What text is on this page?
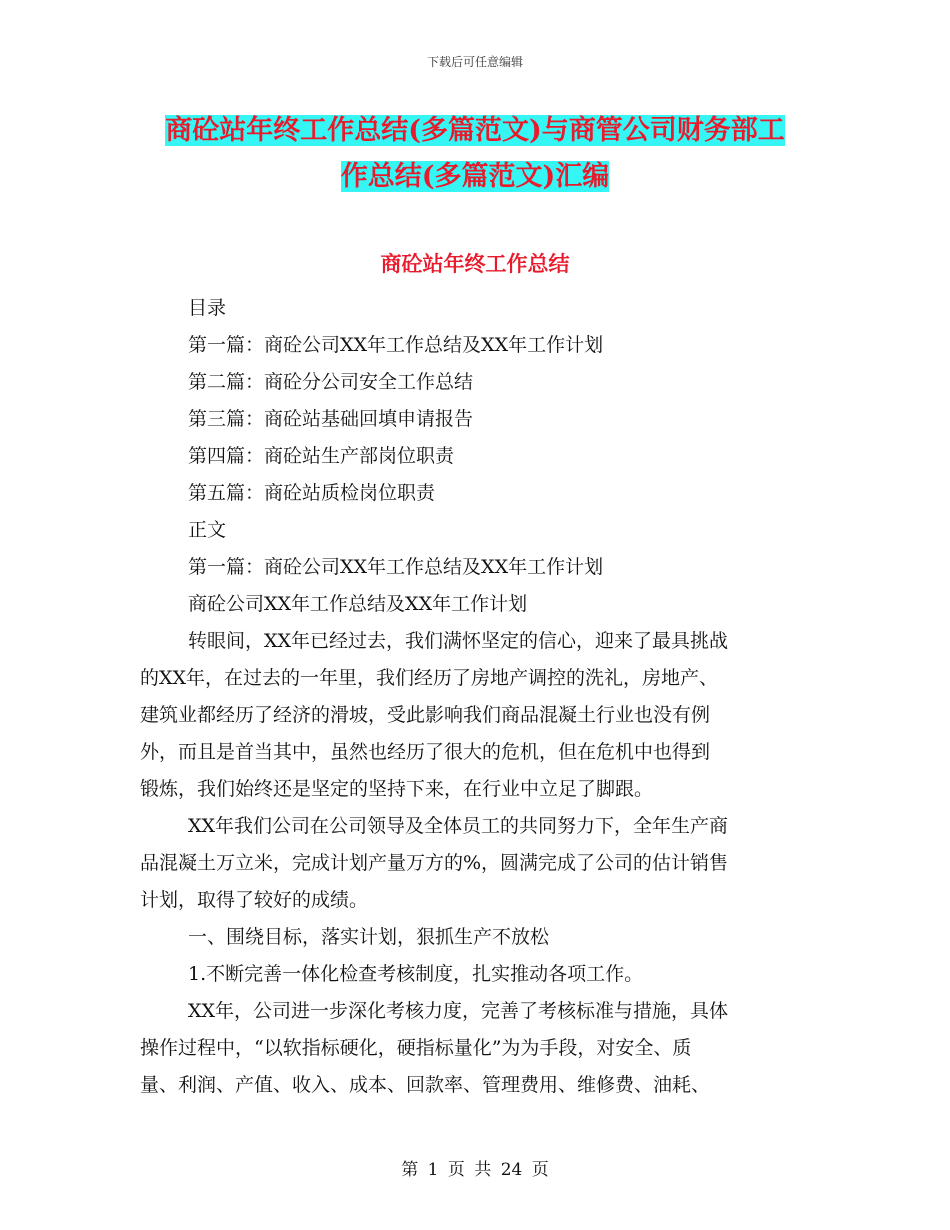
下载后可任意编辑
商砼站年终工作总结(多篇范文)与商管公司财务部工
作总结(多篇范文)汇编
商砼站年终工作总结
目录
第一篇：商砼公司XX年工作总结及XX年工作计划
第二篇：商砼分公司安全工作总结
第三篇：商砼站基础回填申请报告
第四篇：商砼站生产部岗位职责
第五篇：商砼站质检岗位职责
正文
第一篇：商砼公司XX年工作总结及XX年工作计划
商砼公司XX年工作总结及XX年工作计划
转眼间，XX年已经过去，我们满怀坚定的信心，迎来了最具挑战
的XX年，在过去的一年里，我们经历了房地产调控的洗礼，房地产、
建筑业都经历了经济的滑坡，受此影响我们商品混凝土行业也没有例
外，而且是首当其中，虽然也经历了很大的危机，但在危机中也得到
锻炼，我们始终还是坚定的坚持下来，在行业中立足了脚跟。
XX年我们公司在公司领导及全体员工的共同努力下，全年生产商
品混凝土万立米，完成计划产量万方的%，圆满完成了公司的估计销售
计划，取得了较好的成绩。
一、围绕目标，落实计划，狠抓生产不放松
1.不断完善一体化检查考核制度，扎实推动各项工作。
XX年，公司进一步深化考核力度，完善了考核标准与措施，具体
操作过程中，“以软指标硬化，硬指标量化”为为手段，对安全、质
量、利润、产值、收入、成本、回款率、管理费用、维修费、油耗、
第 1 页 共 24 页
